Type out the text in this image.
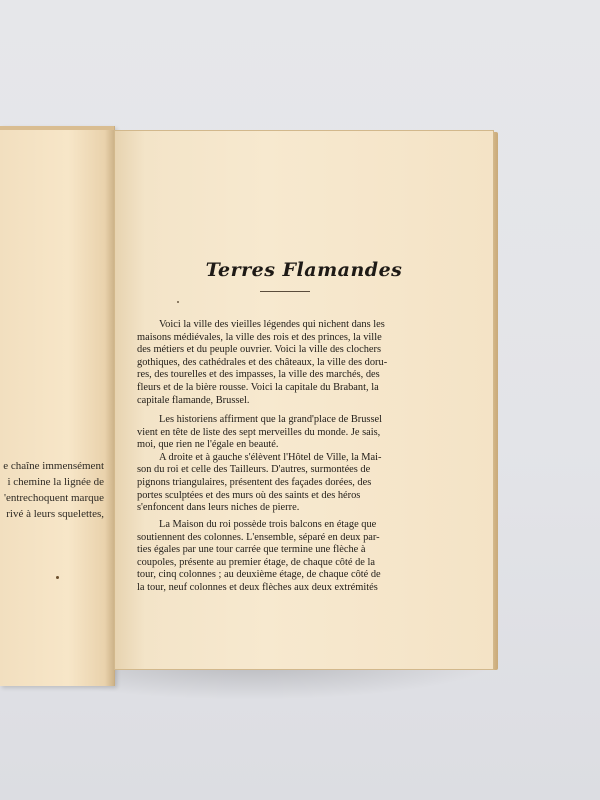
e chaîne immensément
i chemine la lignée de
'entrechoquent marque
rivé à leurs squelettes,
Terres Flamandes
Voici la ville des vieilles légendes qui nichent dans les
maisons médiévales, la ville des rois et des princes, la ville
des métiers et du peuple ouvrier. Voici la ville des clochers
gothiques, des cathédrales et des châteaux, la ville des doru-
res, des tourelles et des impasses, la ville des marchés, des
fleurs et de la bière rousse. Voici la capitale du Brabant, la
capitale flamande, Brussel.
Les historiens affirment que la grand'place de Brussel
vient en tête de liste des sept merveilles du monde. Je sais,
moi, que rien ne l'égale en beauté.
A droite et à gauche s'élèvent l'Hôtel de Ville, la Mai-
son du roi et celle des Tailleurs. D'autres, surmontées de
pignons triangulaires, présentent des façades dorées, des
portes sculptées et des murs où des saints et des héros
s'enfoncent dans leurs niches de pierre.
La Maison du roi possède trois balcons en étage que
soutiennent des colonnes. L'ensemble, séparé en deux par-
ties égales par une tour carrée que termine une flèche à
coupoles, présente au premier étage, de chaque côté de la
tour, cinq colonnes ; au deuxième étage, de chaque côté de
la tour, neuf colonnes et deux flèches aux deux extrémités
